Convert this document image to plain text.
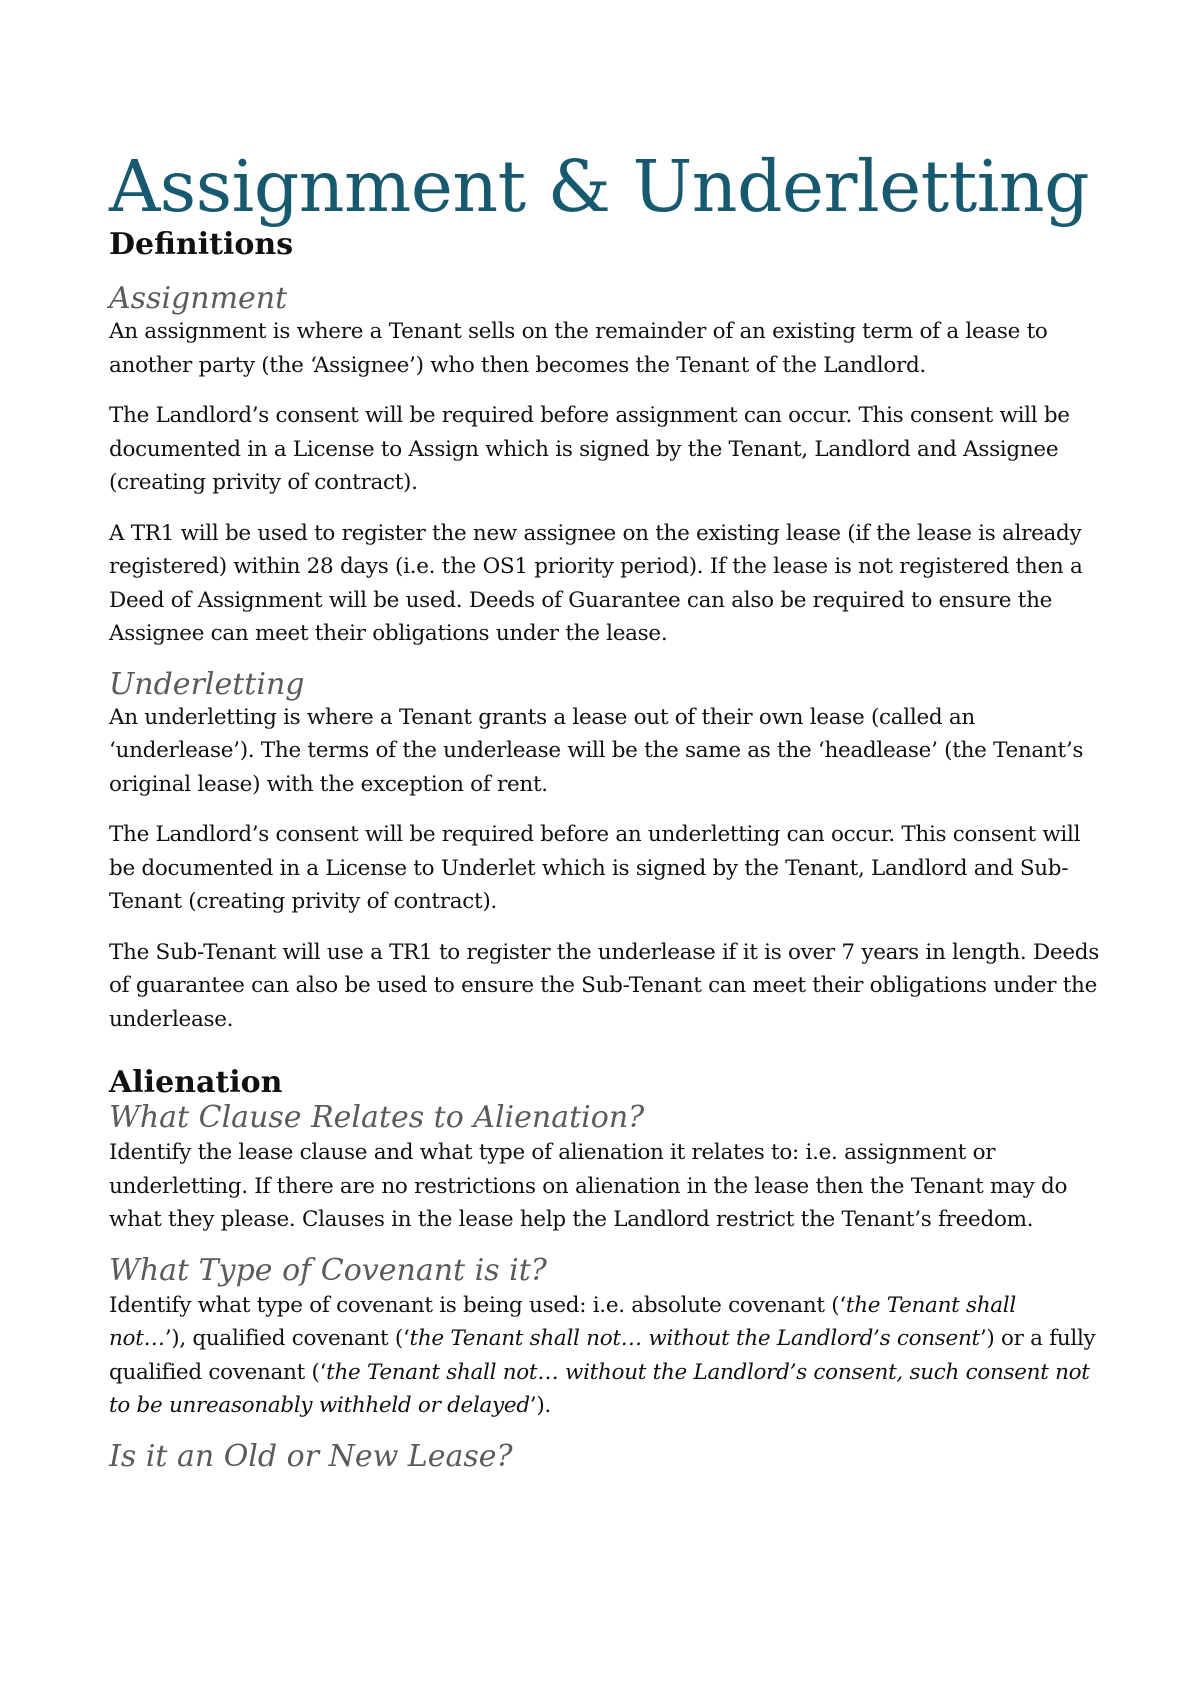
Assignment & Underletting
Definitions
Assignment

An assignment is where a Tenant sells on the remainder of an existing term of a lease to another party (the ‘Assignee’) who then becomes the Tenant of the Landlord.

The Landlord’s consent will be required before assignment can occur. This consent will be documented in a License to Assign which is signed by the Tenant, Landlord and Assignee (creating privity of contract).

A TR1 will be used to register the new assignee on the existing lease (if the lease is already registered) within 28 days (i.e. the OS1 priority period). If the lease is not registered then a Deed of Assignment will be used. Deeds of Guarantee can also be required to ensure the Assignee can meet their obligations under the lease.

Underletting

An underletting is where a Tenant grants a lease out of their own lease (called an ‘underlease’). The terms of the underlease will be the same as the ‘headlease’ (the Tenant’s original lease) with the exception of rent.

The Landlord’s consent will be required before an underletting can occur. This consent will be documented in a License to Underlet which is signed by the Tenant, Landlord and Sub-Tenant (creating privity of contract).

The Sub-Tenant will use a TR1 to register the underlease if it is over 7 years in length. Deeds of guarantee can also be used to ensure the Sub-Tenant can meet their obligations under the underlease.

Alienation
What Clause Relates to Alienation?

Identify the lease clause and what type of alienation it relates to: i.e. assignment or underletting. If there are no restrictions on alienation in the lease then the Tenant may do what they please. Clauses in the lease help the Landlord restrict the Tenant’s freedom.

What Type of Covenant is it?

Identify what type of covenant is being used: i.e. absolute covenant (‘the Tenant shall not…’), qualified covenant (‘the Tenant shall not… without the Landlord’s consent’) or a fully qualified covenant (‘the Tenant shall not… without the Landlord’s consent, such consent not to be unreasonably withheld or delayed’).

Is it an Old or New Lease?
